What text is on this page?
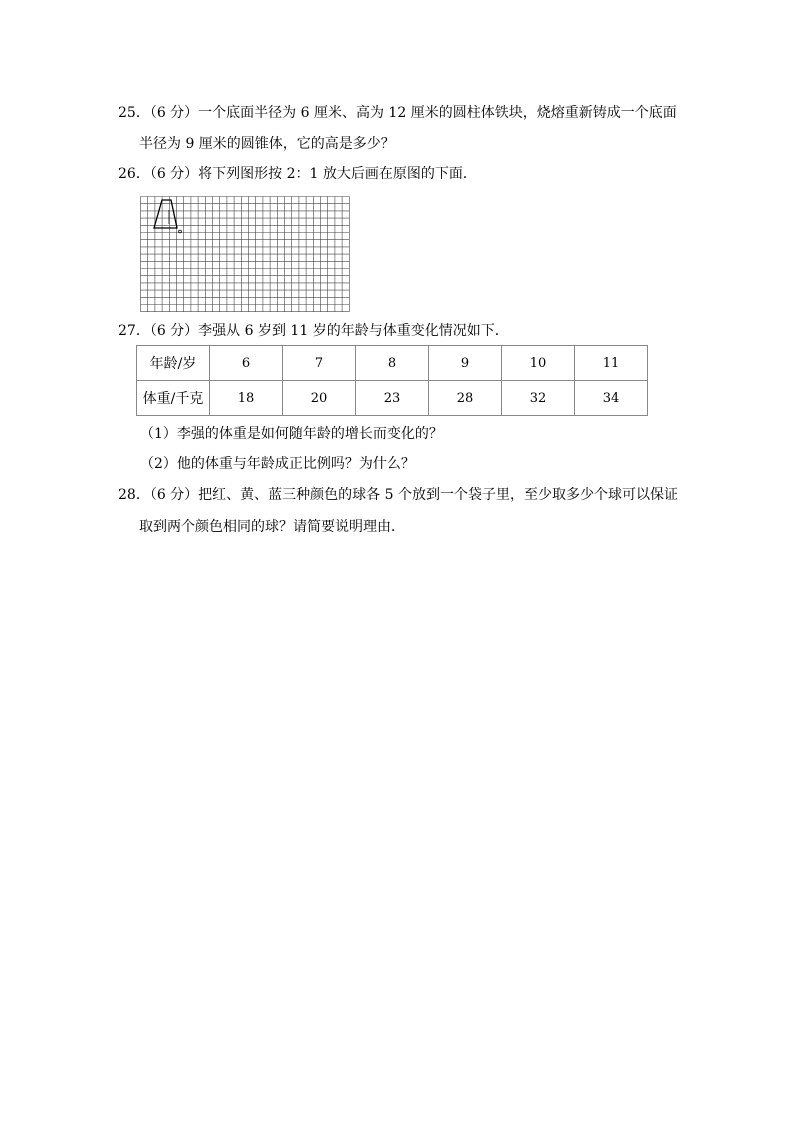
25．（6 分）一个底面半径为 6 厘米、高为 12 厘米的圆柱体铁块，烧熔重新铸成一个底面
半径为 9 厘米的圆锥体，它的高是多少？
26．（6 分）将下列图形按 2：1 放大后画在原图的下面．
27．（6 分）李强从 6 岁到 11 岁的年龄与体重变化情况如下．
年龄/岁	6	7	8	9	10	11
体重/千克	18	20	23	28	32	34
（1）李强的体重是如何随年龄的增长而变化的？
（2）他的体重与年龄成正比例吗？为什么？
28．（6 分）把红、黄、蓝三种颜色的球各 5 个放到一个袋子里，至少取多少个球可以保证
取到两个颜色相同的球？请简要说明理由．
